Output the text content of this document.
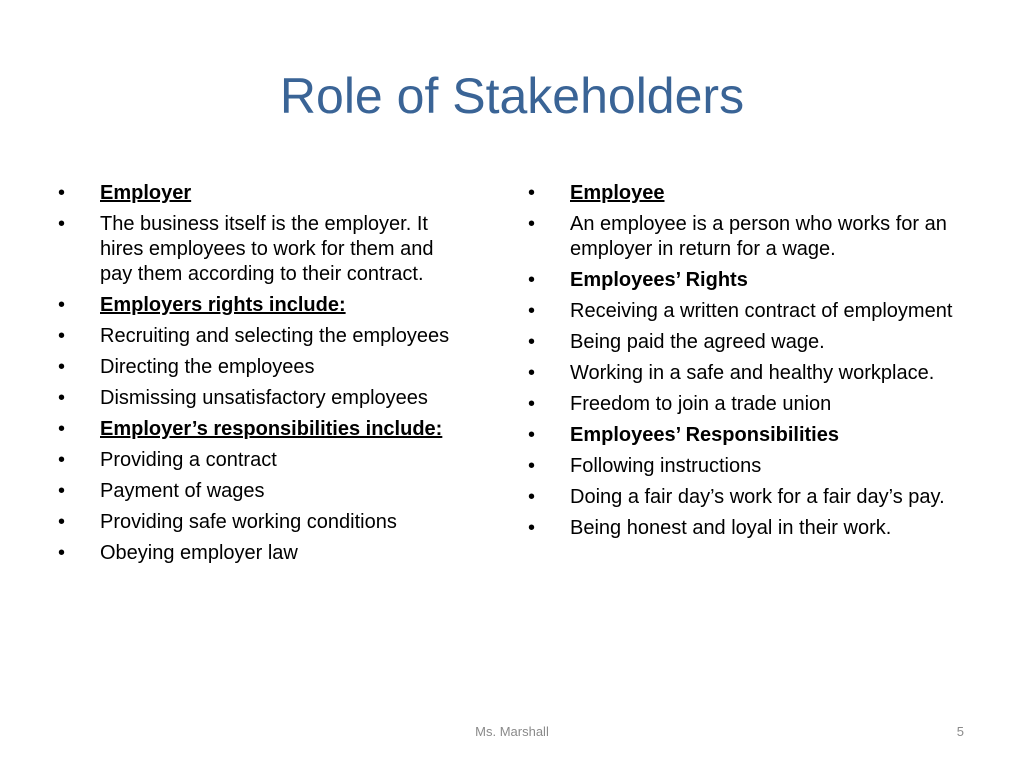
Role of Stakeholders
•	Employer
•	The business itself is the employer. It hires employees to work for them and pay them according to their contract.
•	Employers rights include:
•	Recruiting and selecting the employees
•	Directing the employees
•	Dismissing unsatisfactory employees
•	Employer’s responsibilities include:
•	Providing a contract
•	Payment of wages
•	Providing safe working conditions
•	Obeying employer law
•	Employee
•	An employee is a person who works for an employer in return for a wage.
•	Employees’ Rights
•	Receiving a written contract of employment
•	Being paid the agreed wage.
•	Working in a safe and healthy workplace.
•	Freedom to join a trade union
•	Employees’ Responsibilities
•	Following instructions
•	Doing a fair day’s work for a fair day’s pay.
•	Being honest and loyal in their work.
Ms. Marshall	5
